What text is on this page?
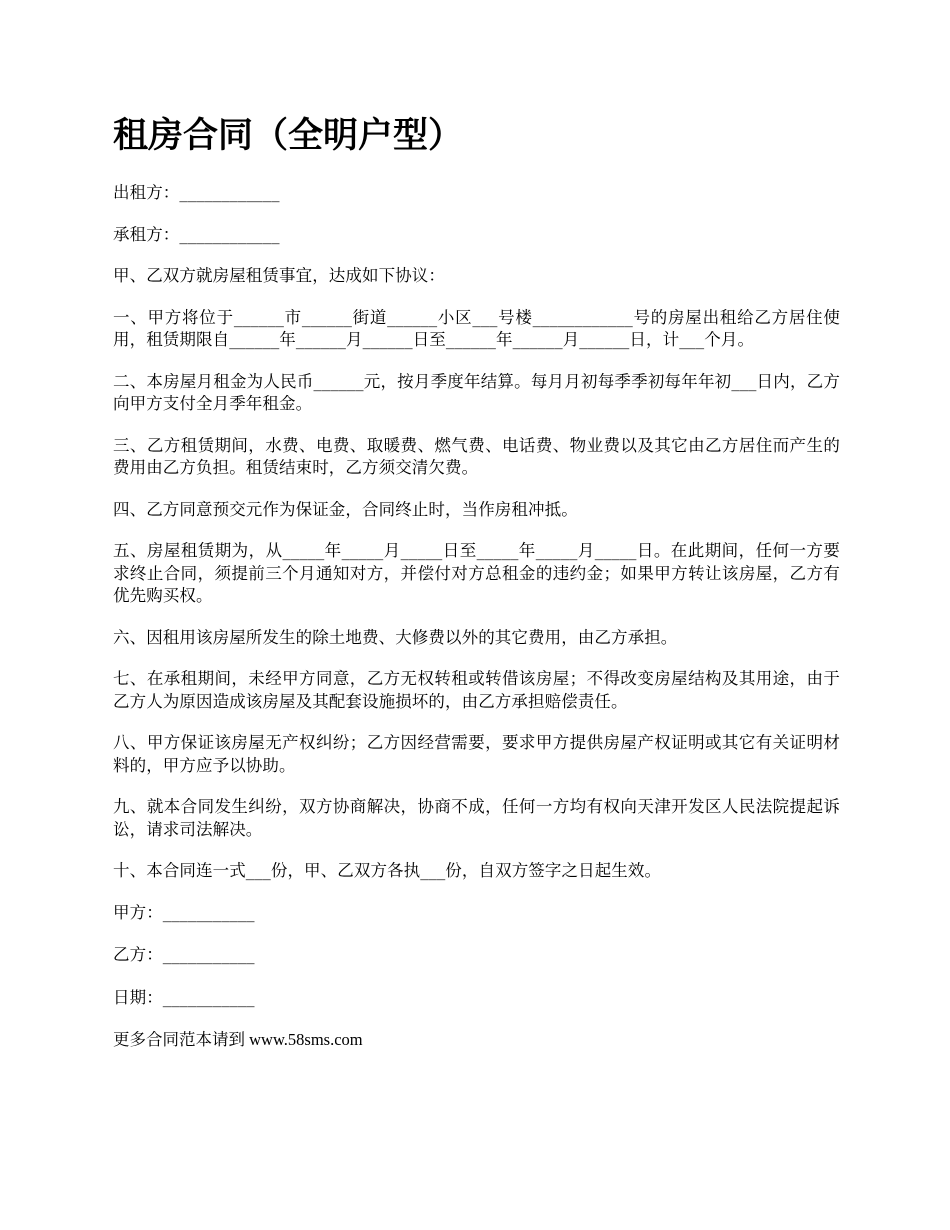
租房合同（全明户型）

出租方：____________

承租方：____________

甲、乙双方就房屋租赁事宜，达成如下协议：

一、甲方将位于______市______街道______小区___号楼____________号的房屋出租给乙方居住使用，租赁期限自______年______月______日至______年______月______日，计___个月。

二、本房屋月租金为人民币______元，按月季度年结算。每月月初每季季初每年年初___日内，乙方向甲方支付全月季年租金。

三、乙方租赁期间，水费、电费、取暖费、燃气费、电话费、物业费以及其它由乙方居住而产生的费用由乙方负担。租赁结束时，乙方须交清欠费。

四、乙方同意预交元作为保证金，合同终止时，当作房租冲抵。

五、房屋租赁期为，从_____年_____月_____日至_____年_____月_____日。在此期间，任何一方要求终止合同，须提前三个月通知对方，并偿付对方总租金的违约金；如果甲方转让该房屋，乙方有优先购买权。

六、因租用该房屋所发生的除土地费、大修费以外的其它费用，由乙方承担。

七、在承租期间，未经甲方同意，乙方无权转租或转借该房屋；不得改变房屋结构及其用途，由于乙方人为原因造成该房屋及其配套设施损坏的，由乙方承担赔偿责任。

八、甲方保证该房屋无产权纠纷；乙方因经营需要，要求甲方提供房屋产权证明或其它有关证明材料的，甲方应予以协助。

九、就本合同发生纠纷，双方协商解决，协商不成，任何一方均有权向天津开发区人民法院提起诉讼，请求司法解决。

十、本合同连一式___份，甲、乙双方各执___份，自双方签字之日起生效。

甲方：___________

乙方：___________

日期：___________

更多合同范本请到 www.58sms.com
